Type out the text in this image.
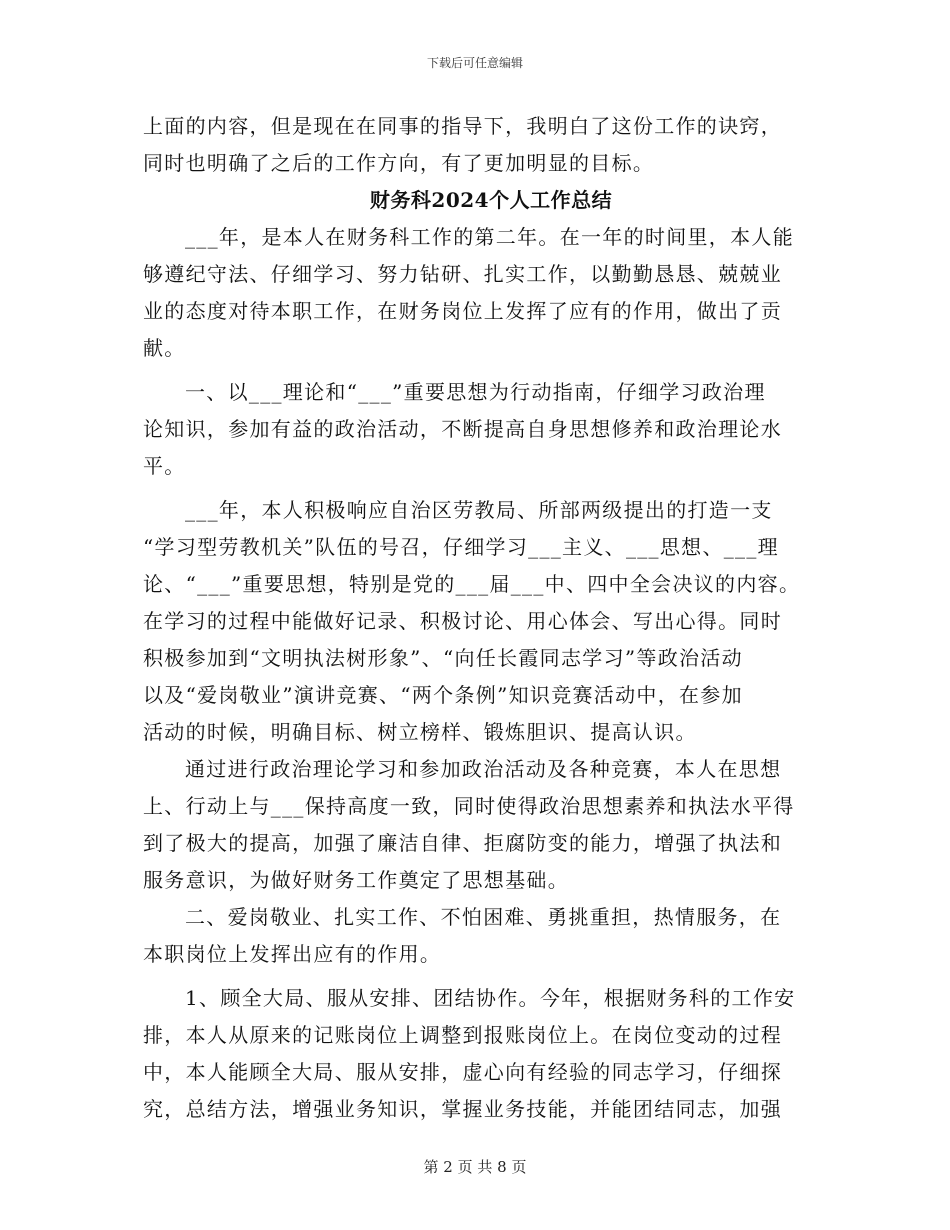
下载后可任意编辑
上面的内容，但是现在在同事的指导下，我明白了这份工作的诀窍，
同时也明确了之后的工作方向，有了更加明显的目标。
财务科2024个人工作总结
___年，是本人在财务科工作的第二年。在一年的时间里，本人能
够遵纪守法、仔细学习、努力钻研、扎实工作，以勤勤恳恳、兢兢业
业的态度对待本职工作，在财务岗位上发挥了应有的作用，做出了贡
献。
一、以___理论和“___”重要思想为行动指南，仔细学习政治理
论知识，参加有益的政治活动，不断提高自身思想修养和政治理论水
平。
___年，本人积极响应自治区劳教局、所部两级提出的打造一支
“学习型劳教机关”队伍的号召，仔细学习___主义、___思想、___理
论、“___”重要思想，特别是党的___届___中、四中全会决议的内容。
在学习的过程中能做好记录、积极讨论、用心体会、写出心得。同时
积极参加到“文明执法树形象”、“向任长霞同志学习”等政治活动
以及“爱岗敬业”演讲竞赛、“两个条例”知识竞赛活动中，在参加
活动的时候，明确目标、树立榜样、锻炼胆识、提高认识。
通过进行政治理论学习和参加政治活动及各种竞赛，本人在思想
上、行动上与___保持高度一致，同时使得政治思想素养和执法水平得
到了极大的提高，加强了廉洁自律、拒腐防变的能力，增强了执法和
服务意识，为做好财务工作奠定了思想基础。
二、爱岗敬业、扎实工作、不怕困难、勇挑重担，热情服务，在
本职岗位上发挥出应有的作用。
1、顾全大局、服从安排、团结协作。今年，根据财务科的工作安
排，本人从原来的记账岗位上调整到报账岗位上。在岗位变动的过程
中，本人能顾全大局、服从安排，虚心向有经验的同志学习，仔细探
究，总结方法，增强业务知识，掌握业务技能，并能团结同志，加强
第 2 页 共 8 页
